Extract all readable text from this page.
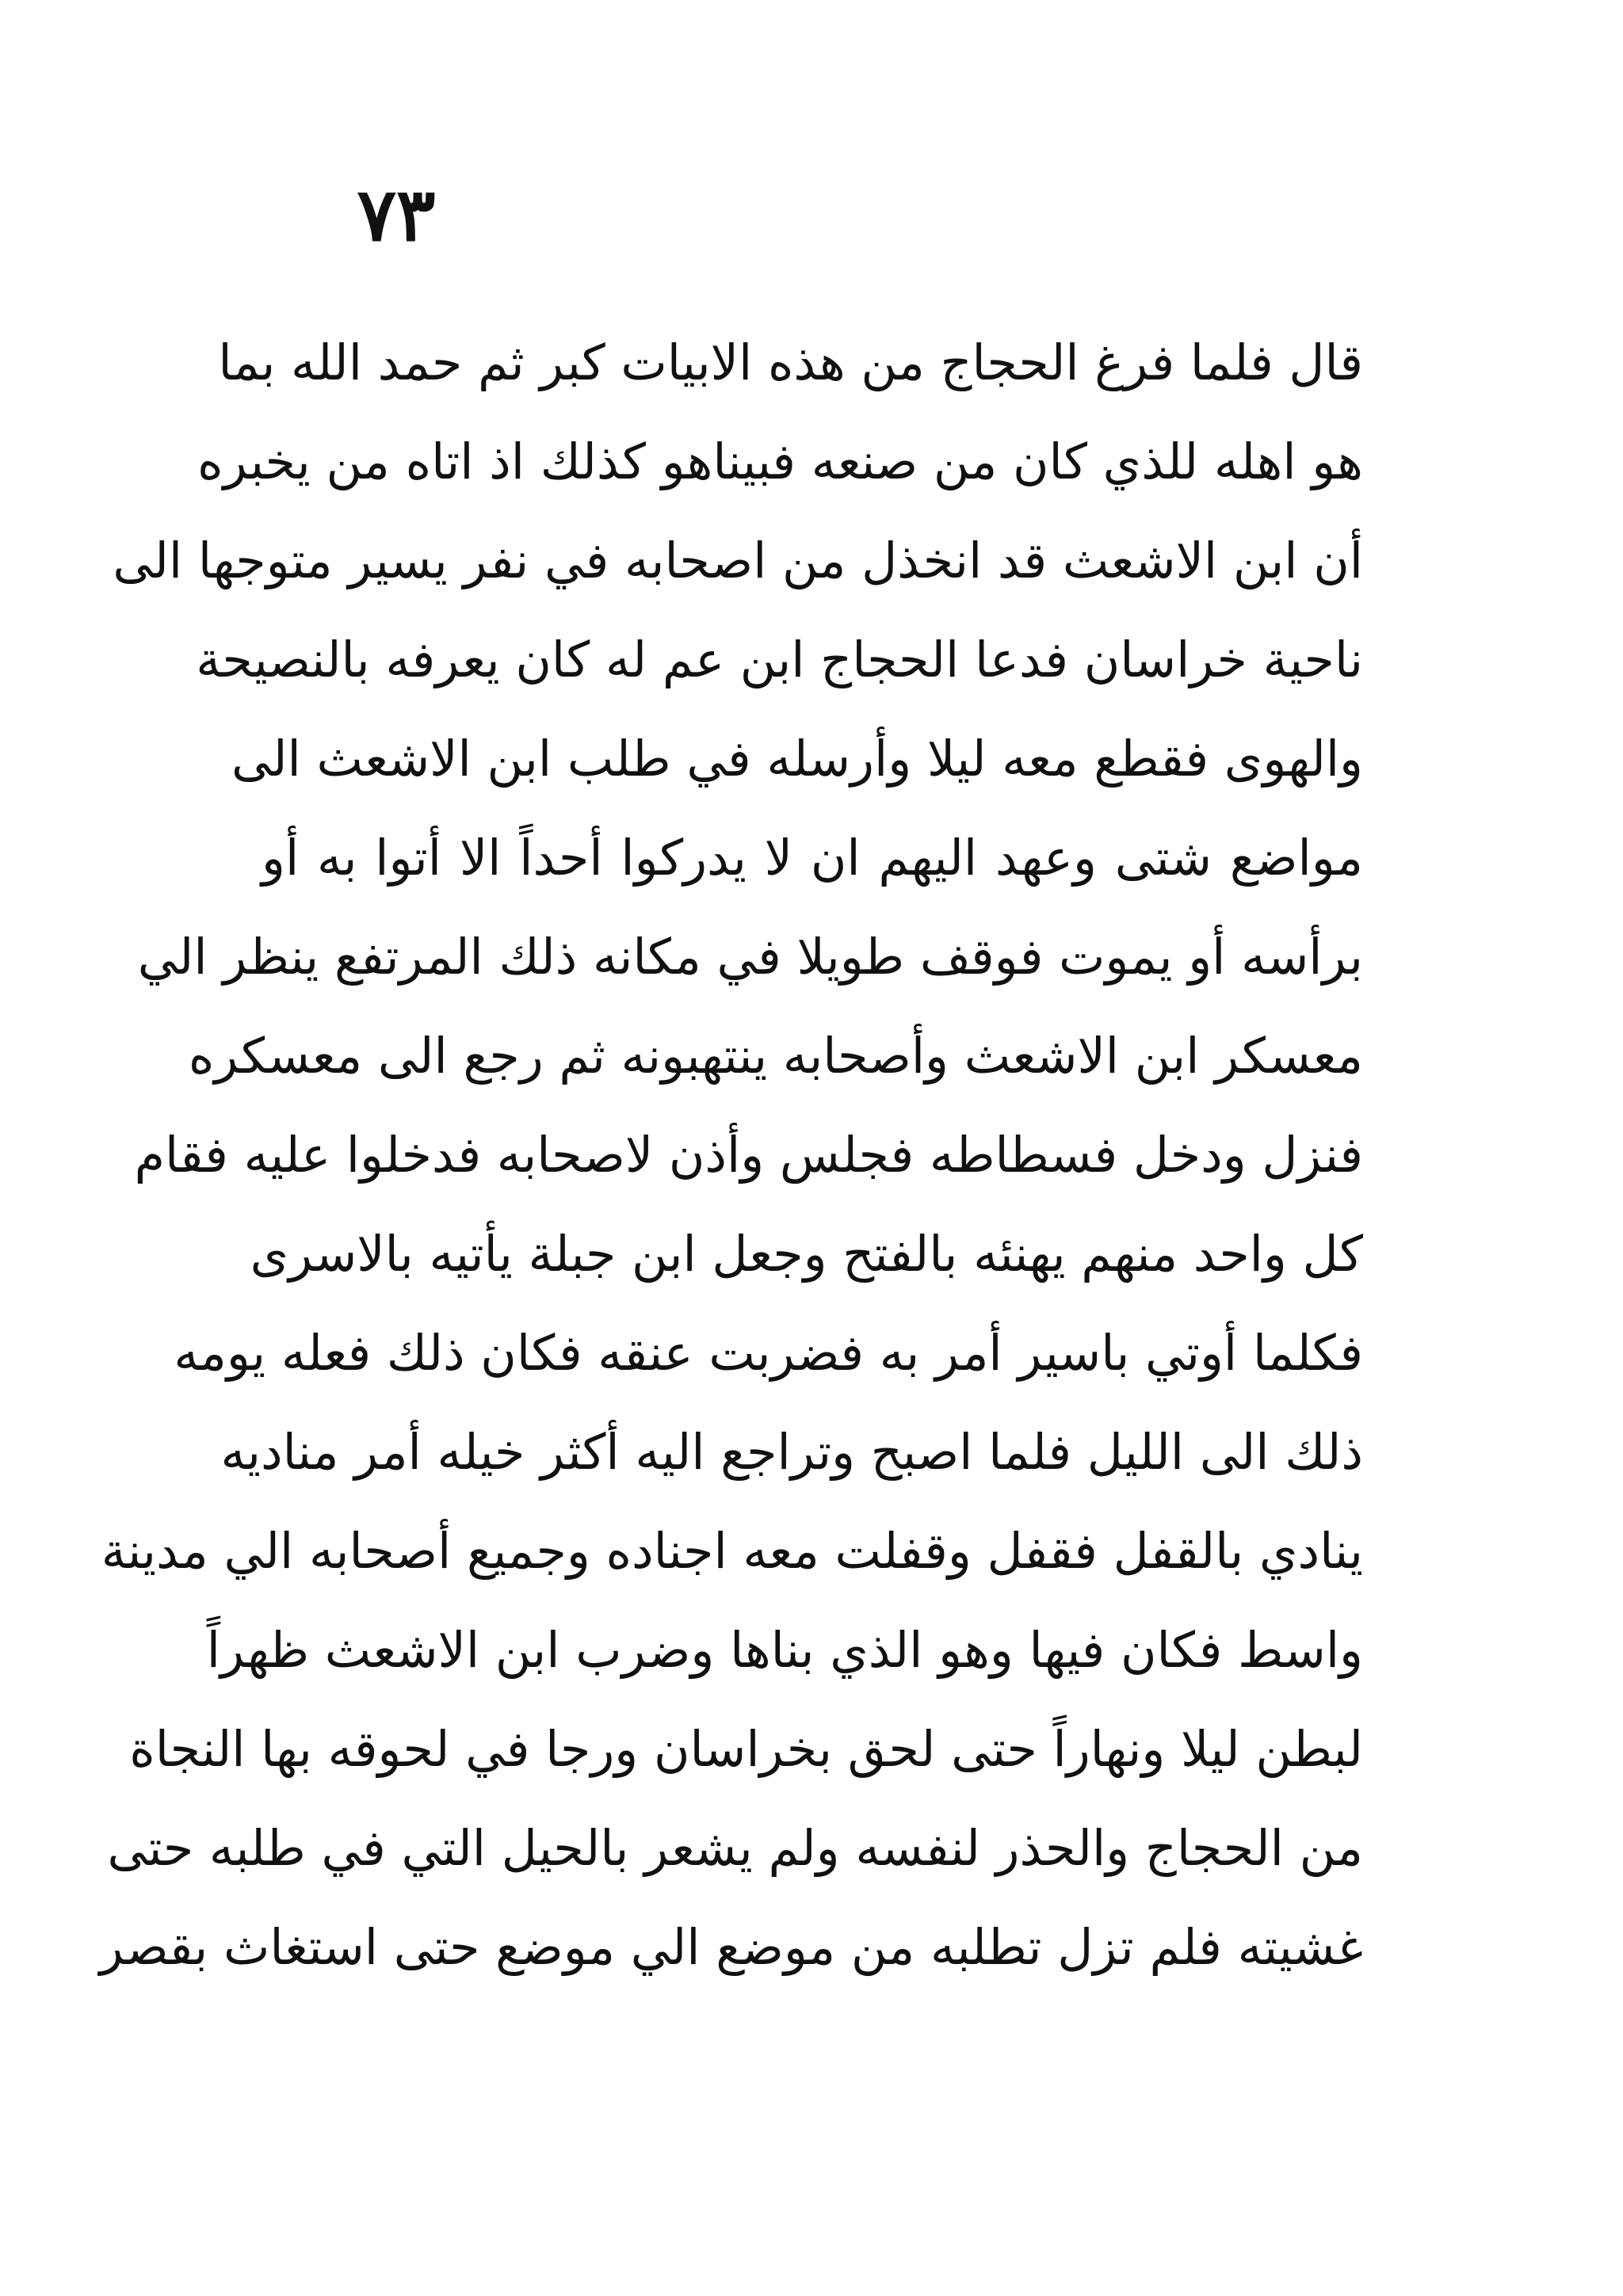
٧٣
قال فلما فرغ الحجاج من هذه الابيات كبر ثم حمد الله بما
هو اهله للذي كان من صنعه فبيناهو كذلك اذ اتاه من يخبره
أن ابن الاشعث قد انخذل من اصحابه في نفر يسير متوجها الى
ناحية خراسان فدعا الحجاج ابن عم له كان يعرفه بالنصيحة
والهوى فقطع معه ليلا وأرسله في طلب ابن الاشعث الى
مواضع شتى وعهد اليهم ان لا يدركوا أحداً الا أتوا به أو
برأسه أو يموت فوقف طويلا في مكانه ذلك المرتفع ينظر الي
معسكر ابن الاشعث وأصحابه ينتهبونه ثم رجع الى معسكره
فنزل ودخل فسطاطه فجلس وأذن لاصحابه فدخلوا عليه فقام
كل واحد منهم يهنئه بالفتح وجعل ابن جبلة يأتيه بالاسرى
فكلما أوتي باسير أمر به فضربت عنقه فكان ذلك فعله يومه
ذلك الى الليل فلما اصبح وتراجع اليه أكثر خيله أمر مناديه
ينادي بالقفل فقفل وقفلت معه اجناده وجميع أصحابه الي مدينة
واسط فكان فيها وهو الذي بناها وضرب ابن الاشعث ظهراً
لبطن ليلا ونهاراً حتى لحق بخراسان ورجا في لحوقه بها النجاة
من الحجاج والحذر لنفسه ولم يشعر بالحيل التي في طلبه حتى
غشيته فلم تزل تطلبه من موضع الي موضع حتى استغاث بقصر
